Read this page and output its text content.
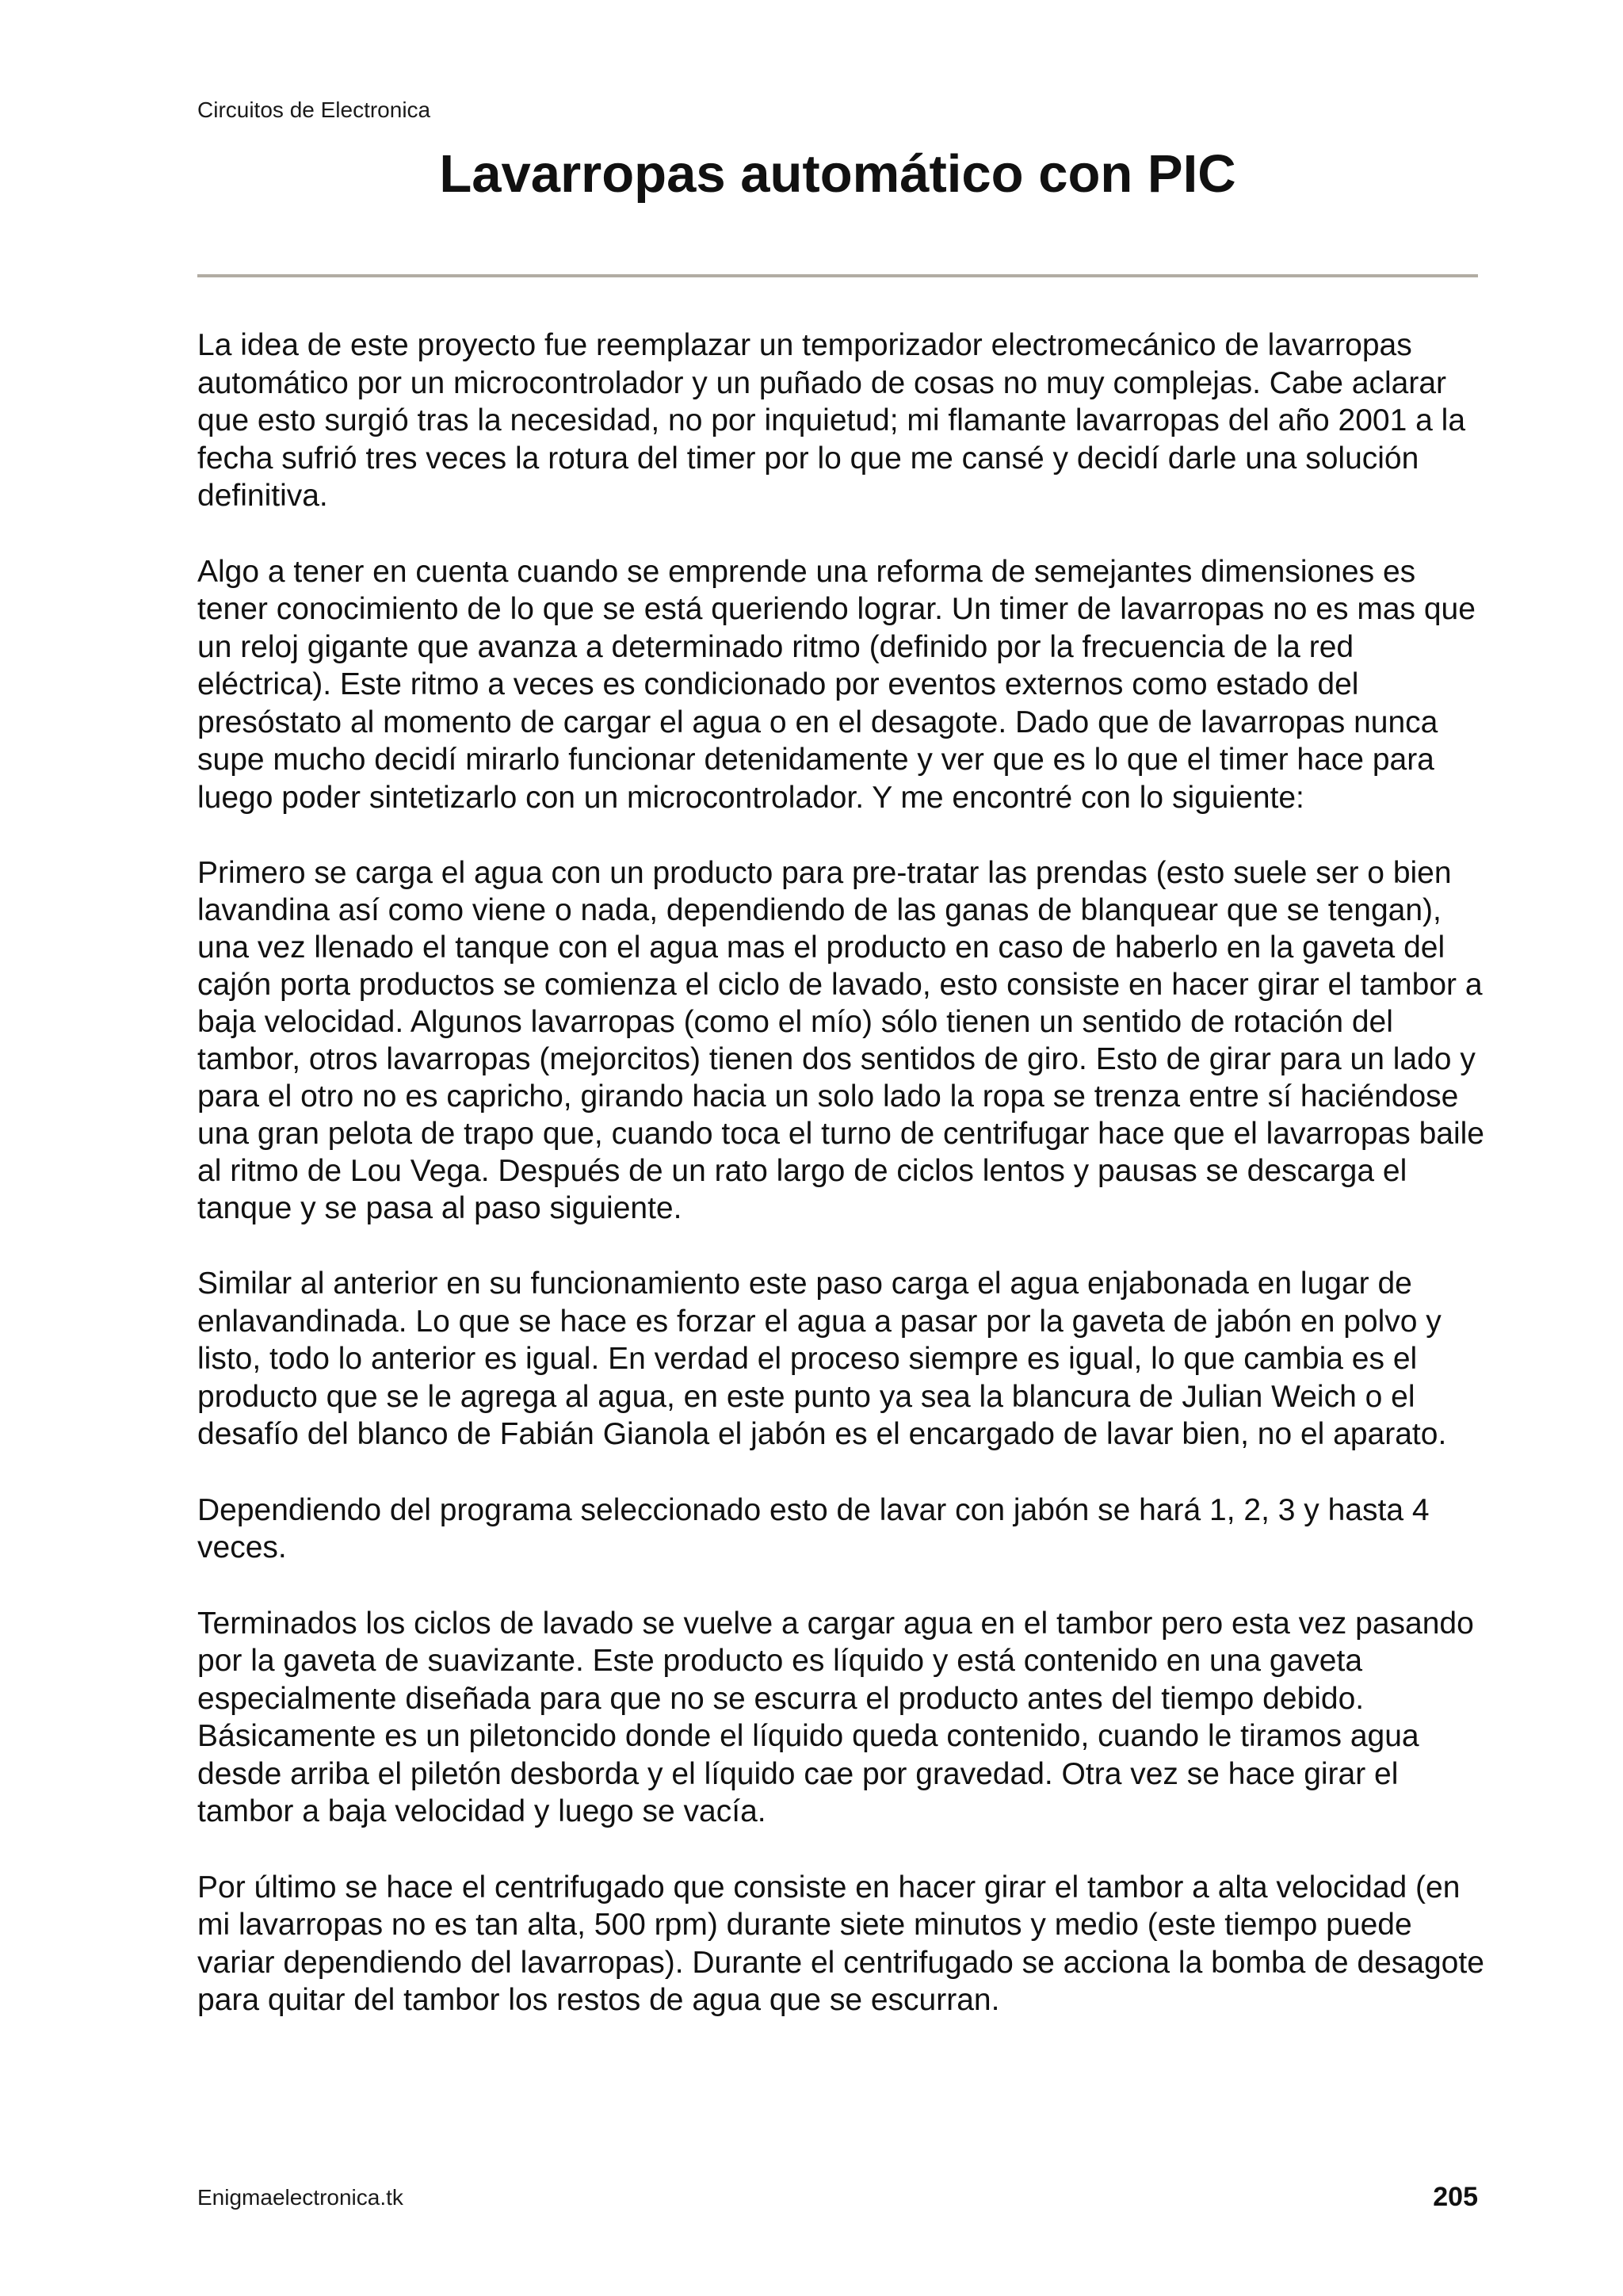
Circuitos de Electronica
Lavarropas automático con PIC

La idea de este proyecto fue reemplazar un temporizador electromecánico de lavarropas automático por un microcontrolador y un puñado de cosas no muy complejas. Cabe aclarar que esto surgió tras la necesidad, no por inquietud; mi flamante lavarropas del año 2001 a la fecha sufrió tres veces la rotura del timer por lo que me cansé y decidí darle una solución definitiva.

Algo a tener en cuenta cuando se emprende una reforma de semejantes dimensiones es tener conocimiento de lo que se está queriendo lograr. Un timer de lavarropas no es mas que un reloj gigante que avanza a determinado ritmo (definido por la frecuencia de la red eléctrica). Este ritmo a veces es condicionado por eventos externos como estado del presóstato al momento de cargar el agua o en el desagote. Dado que de lavarropas nunca supe mucho decidí mirarlo funcionar detenidamente y ver que es lo que el timer hace para luego poder sintetizarlo con un microcontrolador. Y me encontré con lo siguiente:

Primero se carga el agua con un producto para pre-tratar las prendas (esto suele ser o bien lavandina así como viene o nada, dependiendo de las ganas de blanquear que se tengan), una vez llenado el tanque con el agua mas el producto en caso de haberlo en la gaveta del cajón porta productos se comienza el ciclo de lavado, esto consiste en hacer girar el tambor a baja velocidad. Algunos lavarropas (como el mío) sólo tienen un sentido de rotación del tambor, otros lavarropas (mejorcitos) tienen dos sentidos de giro. Esto de girar para un lado y para el otro no es capricho, girando hacia un solo lado la ropa se trenza entre sí haciéndose una gran pelota de trapo que, cuando toca el turno de centrifugar hace que el lavarropas baile al ritmo de Lou Vega. Después de un rato largo de ciclos lentos y pausas se descarga el tanque y se pasa al paso siguiente.

Similar al anterior en su funcionamiento este paso carga el agua enjabonada en lugar de enlavandinada. Lo que se hace es forzar el agua a pasar por la gaveta de jabón en polvo y listo, todo lo anterior es igual. En verdad el proceso siempre es igual, lo que cambia es el producto que se le agrega al agua, en este punto ya sea la blancura de Julian Weich o el desafío del blanco de Fabián Gianola el jabón es el encargado de lavar bien, no el aparato.

Dependiendo del programa seleccionado esto de lavar con jabón se hará 1, 2, 3 y hasta 4 veces.

Terminados los ciclos de lavado se vuelve a cargar agua en el tambor pero esta vez pasando por la gaveta de suavizante. Este producto es líquido y está contenido en una gaveta especialmente diseñada para que no se escurra el producto antes del tiempo debido. Básicamente es un piletoncido donde el líquido queda contenido, cuando le tiramos agua desde arriba el piletón desborda y el líquido cae por gravedad. Otra vez se hace girar el tambor a baja velocidad y luego se vacía.

Por último se hace el centrifugado que consiste en hacer girar el tambor a alta velocidad (en mi lavarropas no es tan alta, 500 rpm) durante siete minutos y medio (este tiempo puede variar dependiendo del lavarropas). Durante el centrifugado se acciona la bomba de desagote para quitar del tambor los restos de agua que se escurran.

Enigmaelectronica.tk	205
